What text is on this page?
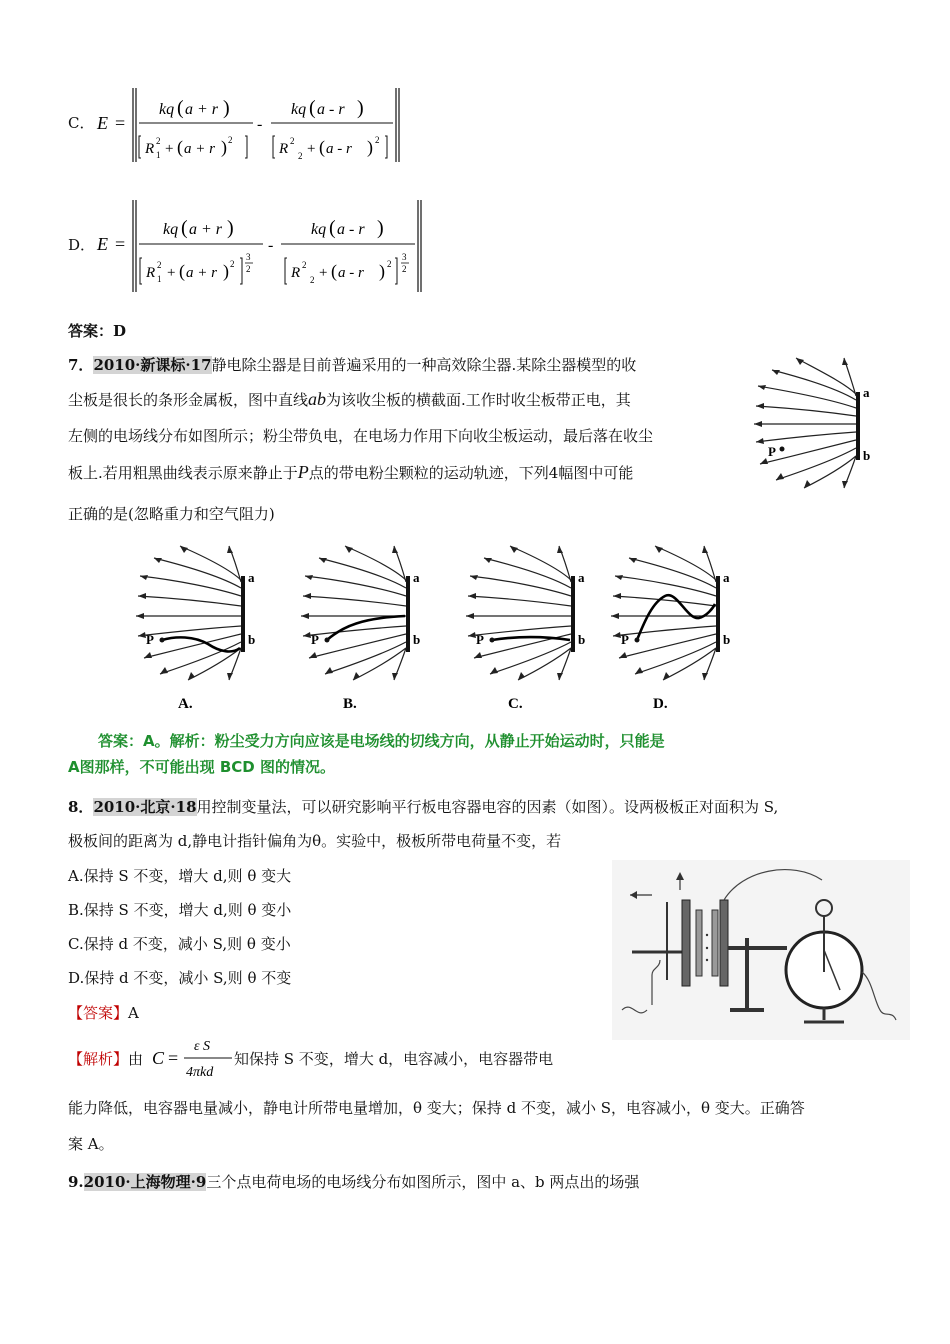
C． E =
kq ( a + r )
R 2
1 + ( a + r ) 2
-
kq ( a - r )
R 2
2 + ( a - r ) 2
D． E =
kq ( a + r )
R 2
1 + ( a + r ) 2
3
2
-
kq ( a - r )
R 2
2 + ( a - r ) 2
3
2
答案：D
7．2010·新课标·17静电除尘器是目前普遍采用的一种高效除尘器.某除尘器模型的收
尘板是很长的条形金属板，图中直线ab为该收尘板的横截面.工作时收尘板带正电，其
左侧的电场线分布如图所示；粉尘带负电，在电场力作用下向收尘板运动，最后落在收尘
板上.若用粗黑曲线表示原来静止于P点的带电粉尘颗粒的运动轨迹，下列4幅图中可能
正确的是(忽略重力和空气阻力)
a
b
P
a
b
P
A.
a
b
P
B.
a
b
P
C.
a
b
P
D.
答案：A。解析：粉尘受力方向应该是电场线的切线方向，从静止开始运动时，只能是
A图那样，不可能出现 BCD 图的情况。
8．2010·北京·18用控制变量法，可以研究影响平行板电容器电容的因素（如图）。设两极板正对面积为 S,
极板间的距离为 d,静电计指针偏角为θ。实验中，极板所带电荷量不变，若
A.保持 S 不变，增大 d,则 θ 变大
B.保持 S 不变，增大 d,则 θ 变小
C.保持 d 不变，减小 S,则 θ 变小
D.保持 d 不变，减小 S,则 θ 不变
【答案】A
【解析】由 C =
ε S
4πkd
知保持 S 不变，增大 d，电容减小，电容器带电
能力降低，电容器电量减小，静电计所带电量增加，θ 变大；保持 d 不变，减小 S，电容减小，θ 变大。正确答
案 A。
9.2010·上海物理·9三个点电荷电场的电场线分布如图所示，图中 a、b 两点出的场强
